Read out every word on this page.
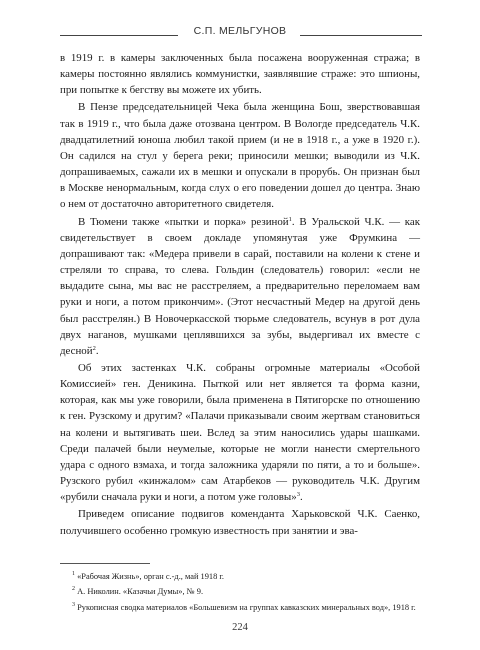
С.П. МЕЛЬГУНОВ

в 1919 г. в камеры заключенных была посажена вооруженная стража; в камеры постоянно являлись коммунистки, заявлявшие страже: это шпионы, при попытке к бегству вы можете их убить.

В Пензе председательницей Чека была женщина Бош, зверствовавшая так в 1919 г., что была даже отозвана центром. В Вологде председатель Ч.К. двадцатилетний юноша любил такой прием (и не в 1918 г., а уже в 1920 г.). Он садился на стул у берега реки; приносили мешки; выводили из Ч.К. допрашиваемых, сажали их в мешки и опускали в прорубь. Он признан был в Москве ненормальным, когда слух о его поведении дошел до центра. Знаю о нем от достаточно авторитетного свидетеля.

В Тюмени также «пытки и порка» резиной$^1$. В Уральской Ч.К. — как свидетельствует в своем докладе упомянутая уже Фрумкина — допрашивают так: «Медера привели в сарай, поставили на колени к стене и стреляли то справа, то слева. Гольдин (следователь) говорил: «если не выдадите сына, мы вас не расстреляем, а предварительно переломаем вам руки и ноги, а потом прикончим». (Этот несчастный Медер на другой день был расстрелян.) В Новочеркасской тюрьме следователь, всунув в рот дула двух наганов, мушками цеплявшихся за зубы, выдергивал их вместе с десной$^2$.

Об этих застенках Ч.К. собраны огромные материалы «Особой Комиссией» ген. Деникина. Пыткой или нет является та форма казни, которая, как мы уже говорили, была применена в Пятигорске по отношению к ген. Рузскому и другим? «Палачи приказывали своим жертвам становиться на колени и вытягивать шеи. Вслед за этим наносились удары шашками. Среди палачей были неумелые, которые не могли нанести смертельного удара с одного взмаха, и тогда заложника ударяли по пяти, а то и больше». Рузского рубил «кинжалом» сам Атарбеков — руководитель Ч.К. Другим «рубили сначала руки и ноги, а потом уже головы»$^3$.

Приведем описание подвигов коменданта Харьковской Ч.К. Саенко, получившего особенно громкую известность при занятии и эва-

$^1$ «Рабочая Жизнь», орган с.-д., май 1918 г.

$^2$ А. Николин. «Казачьи Думы», № 9.

$^3$ Рукописная сводка материалов «Большевизм на группах кавказских минеральных вод», 1918 г.

224
